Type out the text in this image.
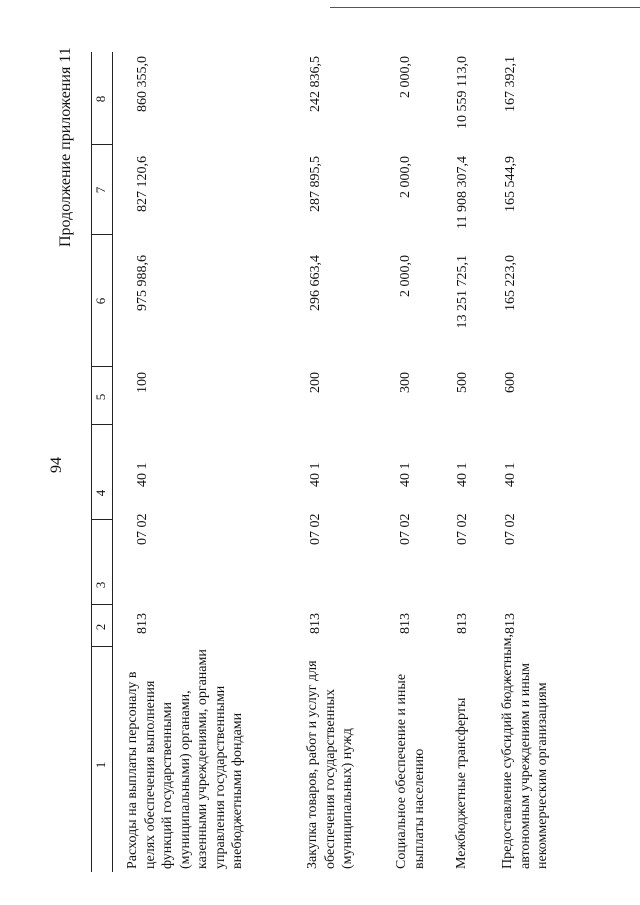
94
Продолжение приложения 11
1
2
3
4
5
6
7
8
Расходы на выплаты персоналу в целях обеспечения выполнения функций государственными (муниципальными) органами, казенными учреждениями, органами управления государственными внебюджетными фондами
813
07 02
40 1
100
975 988,6
827 120,6
860 355,0
Закупка товаров, работ и услуг для обеспечения государственных (муниципальных) нужд
813
07 02
40 1
200
296 663,4
287 895,5
242 836,5
Социальное обеспечение и иные выплаты населению
813
07 02
40 1
300
2 000,0
2 000,0
2 000,0
Межбюджетные трансферты
813
07 02
40 1
500
13 251 725,1
11 908 307,4
10 559 113,0
Предоставление субсидий бюджетным, автономным учреждениям и иным некоммерческим организациям
813
07 02
40 1
600
165 223,0
165 544,9
167 392,1
